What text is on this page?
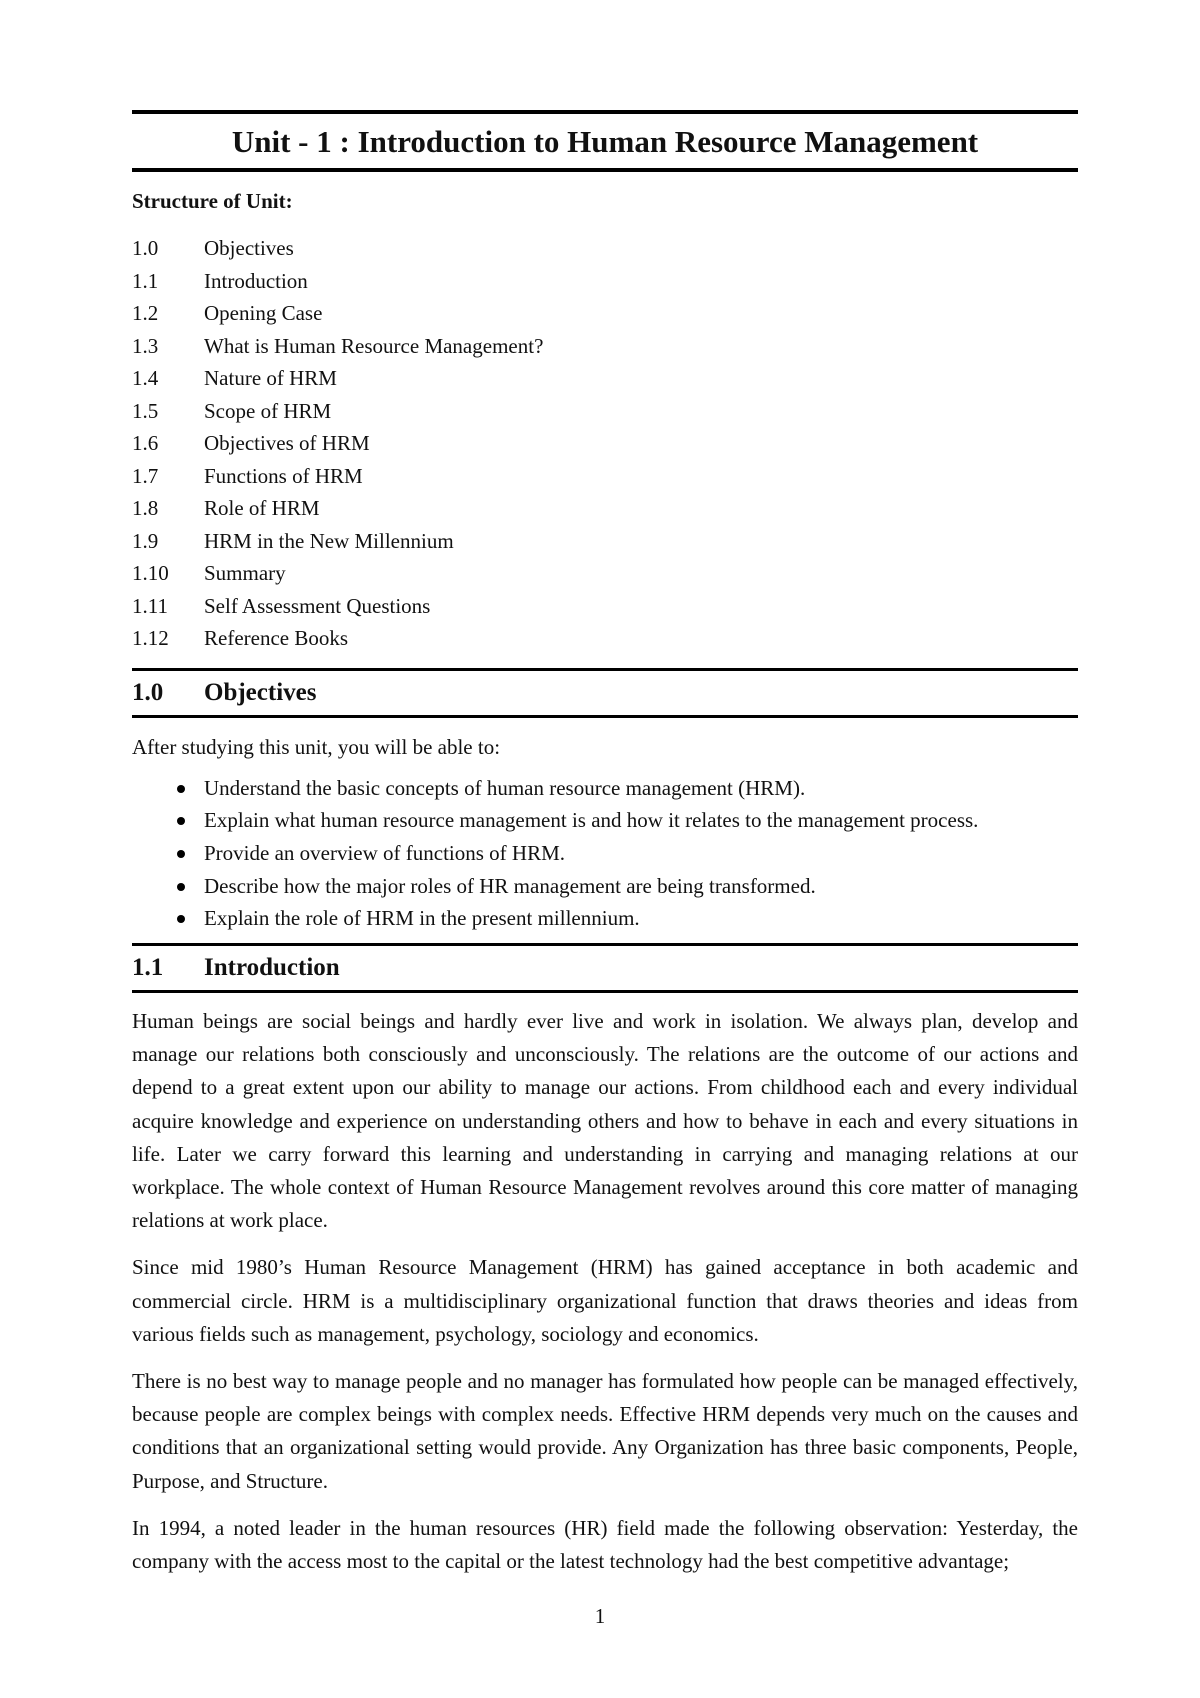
Unit - 1 : Introduction to Human Resource Management
Structure of Unit:
1.0	Objectives
1.1	Introduction
1.2	Opening Case
1.3	What is Human Resource Management?
1.4	Nature of HRM
1.5	Scope of HRM
1.6	Objectives of HRM
1.7	Functions of HRM
1.8	Role of HRM
1.9	HRM in the New Millennium
1.10	Summary
1.11	Self Assessment Questions
1.12	Reference Books
1.0	Objectives
After studying this unit, you will be able to:
Understand the basic concepts of human resource management (HRM).
Explain what human resource management is and how it relates to the management process.
Provide an overview of functions of HRM.
Describe how the major roles of HR management are being transformed.
Explain the role of HRM in the present millennium.
1.1	Introduction

Human beings are social beings and hardly ever live and work in isolation. We always plan, develop and manage our relations both consciously and unconsciously. The relations are the outcome of our actions and depend to a great extent upon our ability to manage our actions. From childhood each and every individual acquire knowledge and experience on understanding others and how to behave in each and every situations in life. Later we carry forward this learning and understanding in carrying and managing relations at our workplace. The whole context of Human Resource Management revolves around this core matter of managing relations at work place.

Since mid 1980’s Human Resource Management (HRM) has gained acceptance in both academic and commercial circle. HRM is a multidisciplinary organizational function that draws theories and ideas from various fields such as management, psychology, sociology and economics.

There is no best way to manage people and no manager has formulated how people can be managed effectively, because people are complex beings with complex needs. Effective HRM depends very much on the causes and conditions that an organizational setting would provide. Any Organization has three basic components, People, Purpose, and Structure.

In 1994, a noted leader in the human resources (HR) field made the following observation: Yesterday, the company with the access most to the capital or the latest technology had the best competitive advantage;

1
